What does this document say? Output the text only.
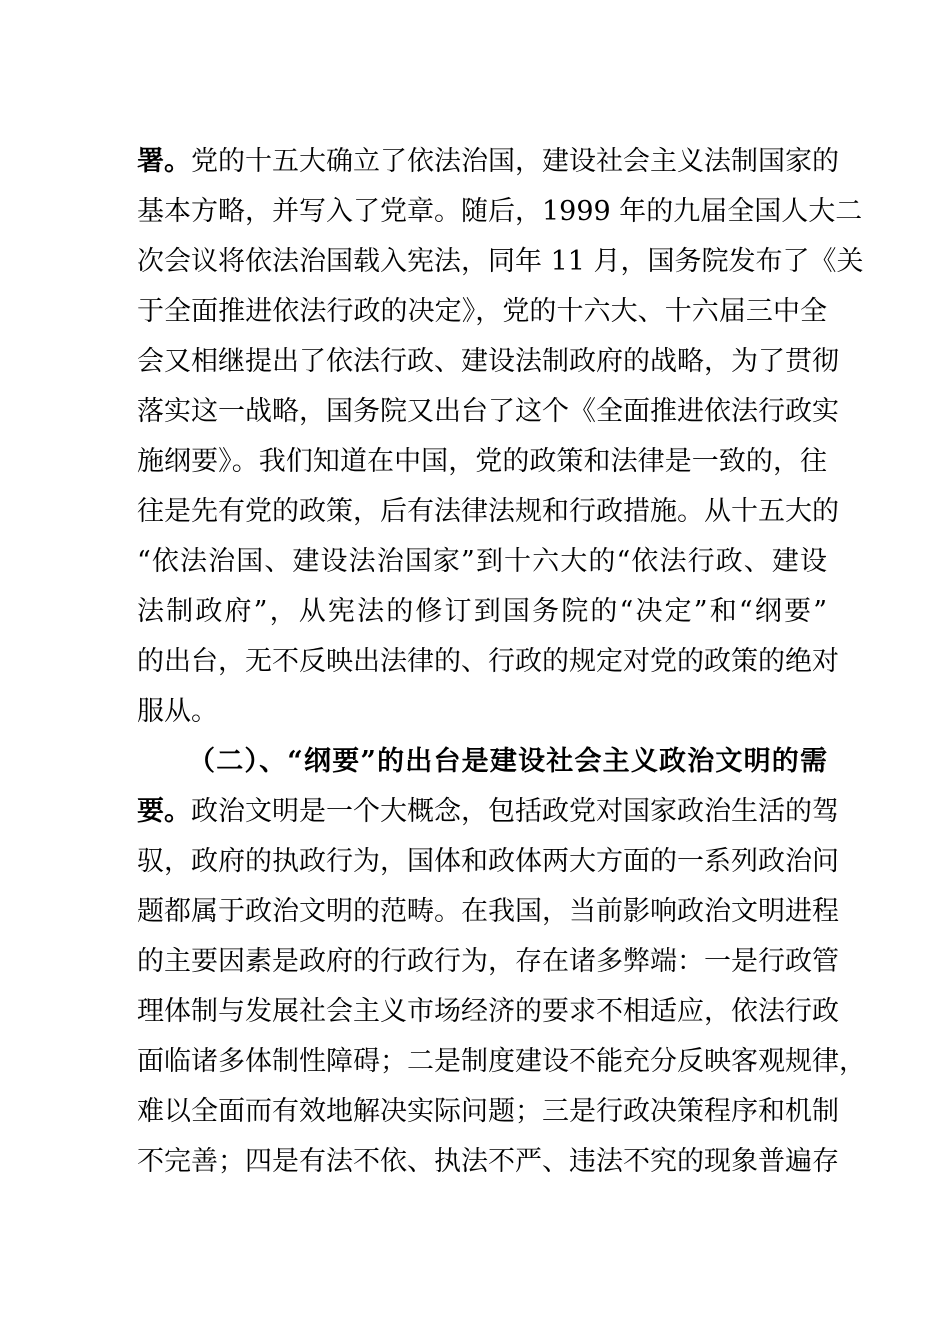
署。党的十五大确立了依法治国，建设社会主义法制国家的
基本方略，并写入了党章。随后，1999 年的九届全国人大二
次会议将依法治国载入宪法，同年 11 月，国务院发布了《关
于全面推进依法行政的决定》，党的十六大、十六届三中全
会又相继提出了依法行政、建设法制政府的战略，为了贯彻
落实这一战略，国务院又出台了这个《全面推进依法行政实
施纲要》。我们知道在中国，党的政策和法律是一致的，往
往是先有党的政策，后有法律法规和行政措施。从十五大的
“依法治国、建设法治国家”到十六大的“依法行政、建设
法制政府”，从宪法的修订到国务院的“决定”和“纲要”
的出台，无不反映出法律的、行政的规定对党的政策的绝对
服从。
（二）、“纲要”的出台是建设社会主义政治文明的需
要。政治文明是一个大概念，包括政党对国家政治生活的驾
驭，政府的执政行为，国体和政体两大方面的一系列政治问
题都属于政治文明的范畴。在我国，当前影响政治文明进程
的主要因素是政府的行政行为，存在诸多弊端：一是行政管
理体制与发展社会主义市场经济的要求不相适应，依法行政
面临诸多体制性障碍；二是制度建设不能充分反映客观规律，
难以全面而有效地解决实际问题；三是行政决策程序和机制
不完善；四是有法不依、执法不严、违法不究的现象普遍存
